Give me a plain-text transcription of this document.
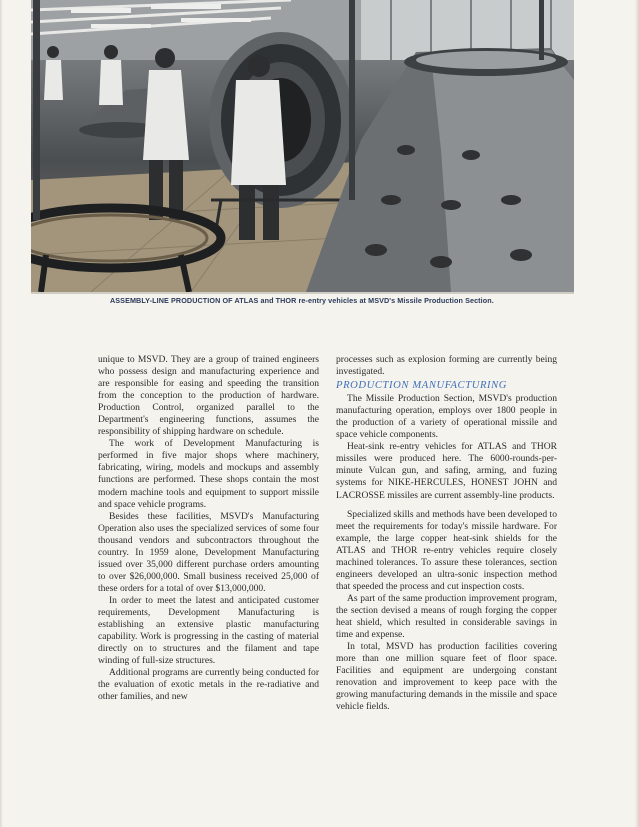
ASSEMBLY-LINE PRODUCTION OF ATLAS and THOR re-entry vehicles at MSVD's Missile Production Section.

unique to MSVD. They are a group of trained engineers who possess design and manufacturing experience and are responsible for easing and speeding the transition from the conception to the production of hardware. Production Control, organized parallel to the Department's engineering functions, assumes the responsibility of shipping hardware on schedule.

The work of Development Manufacturing is performed in five major shops where machinery, fabricating, wiring, models and mockups and assembly functions are performed. These shops contain the most modern machine tools and equipment to support missile and space vehicle programs.

Besides these facilities, MSVD's Manufacturing Operation also uses the specialized services of some four thousand vendors and subcontractors throughout the country. In 1959 alone, Development Manufacturing issued over 35,000 different purchase orders amounting to over $26,000,000. Small business received 25,000 of these orders for a total of over $13,000,000.

In order to meet the latest and anticipated customer requirements, Development Manufacturing is establishing an extensive plastic manufacturing capability. Work is progressing in the casting of material directly on to structures and the filament and tape winding of full-size structures.

Additional programs are currently being conducted for the evaluation of exotic metals in the re-radiative and other families, and new

processes such as explosion forming are currently being investigated.

PRODUCTION MANUFACTURING

The Missile Production Section, MSVD's production manufacturing operation, employs over 1800 people in the production of a variety of operational missile and space vehicle components.

Heat-sink re-entry vehicles for ATLAS and THOR missiles were produced here. The 6000-rounds-per-minute Vulcan gun, and safing, arming, and fuzing systems for NIKE-HERCULES, HONEST JOHN and LACROSSE missiles are current assembly-line products.

Specialized skills and methods have been developed to meet the requirements for today's missile hardware. For example, the large copper heat-sink shields for the ATLAS and THOR re-entry vehicles require closely machined tolerances. To assure these tolerances, section engineers developed an ultra-sonic inspection method that speeded the process and cut inspection costs.

As part of the same production improvement program, the section devised a means of rough forging the copper heat shield, which resulted in considerable savings in time and expense.

In total, MSVD has production facilities covering more than one million square feet of floor space. Facilities and equipment are undergoing constant renovation and improvement to keep pace with the growing manufacturing demands in the missile and space vehicle fields.
